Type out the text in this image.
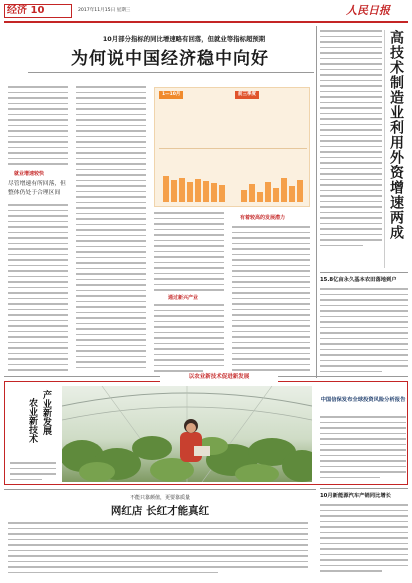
经济 10	2017年11月15日 星期三	人民日报
10月部分指标的同比增速略有回落，但就业等指标超预期
为何说中国经济稳中向好
就业增速较快
尽管增速有所回落，但整体仍处于合理区间
1—10月	前三季度
通过新兴产业
有着较高的发展潜力	高技术制造业利用外资增速两成
15.8亿亩永久基本农田落地到户
以农业新技术促进新发展
产业新发展
农业新技术	中国信保发布全球投资风险分析报告
不能只靠颜值，更要靠质量
网红店 长红才能真红
10月新能源汽车产销同比增长
